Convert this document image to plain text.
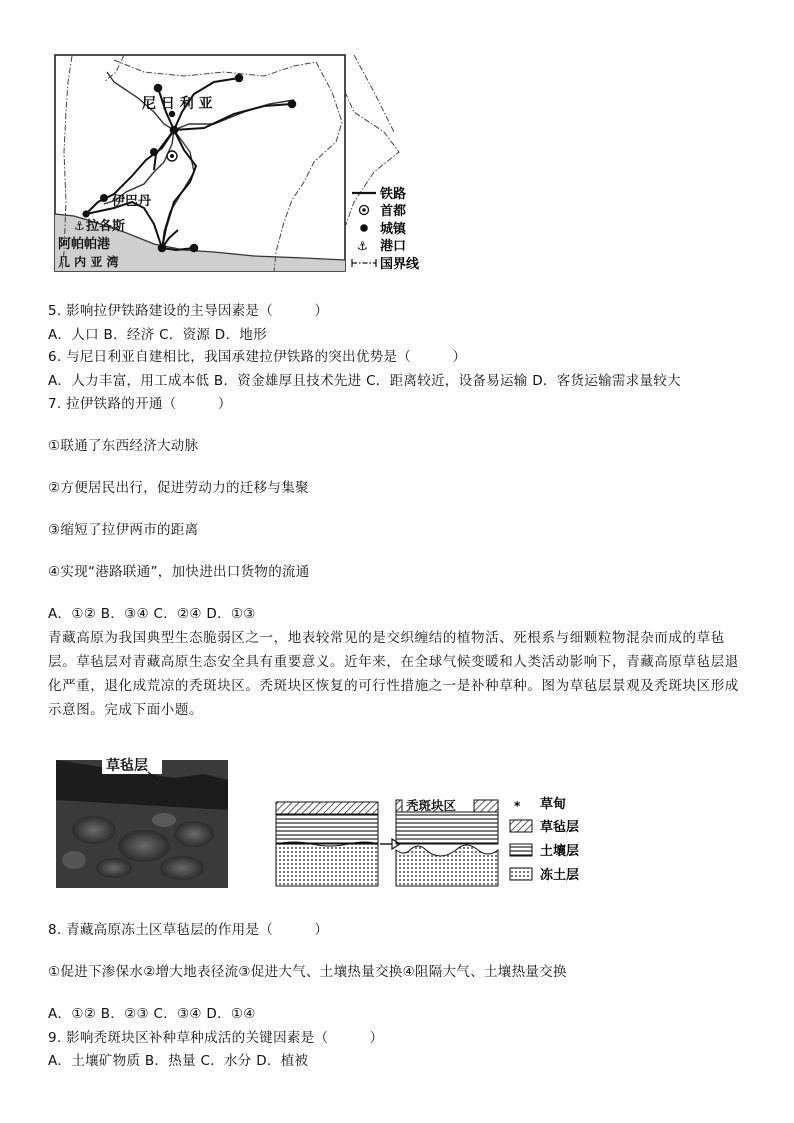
尼 日 利 亚
伊巴丹
拉各斯
阿帕帕港
几 内 亚 湾
⚓
铁路
首都
城镇
⚓ 港口
国界线
5. 影响拉伊铁路建设的主导因素是（　　　）
A．人口 B．经济 C．资源 D．地形
6. 与尼日利亚自建相比，我国承建拉伊铁路的突出优势是（　　　）
A．人力丰富，用工成本低 B．资金雄厚且技术先进 C．距离较近，设备易运输 D．客货运输需求量较大
7. 拉伊铁路的开通（　　　）
①联通了东西经济大动脉
②方便居民出行，促进劳动力的迁移与集聚
③缩短了拉伊两市的距离
④实现“港路联通”，加快进出口货物的流通
A．①② B．③④ C．②④ D．①③
青藏高原为我国典型生态脆弱区之一，地表较常见的是交织缠结的植物活、死根系与细颗粒物混杂而成的草毡层。草毡层对青藏高原生态安全具有重要意义。近年来，在全球气候变暖和人类活动影响下，青藏高原草毡层退化严重，退化成荒凉的秃斑块区。秃斑块区恢复的可行性措施之一是补种草种。图为草毡层景观及秃斑块区形成示意图。完成下面小题。
草毡层
秃斑块区	* 草甸
草毡层
土壤层
冻土层
8. 青藏高原冻土区草毡层的作用是（　　　）
①促进下渗保水②增大地表径流③促进大气、土壤热量交换④阻隔大气、土壤热量交换
A．①② B．②③ C．③④ D．①④
9. 影响秃斑块区补种草种成活的关键因素是（　　　）
A．土壤矿物质 B．热量 C．水分 D．植被
